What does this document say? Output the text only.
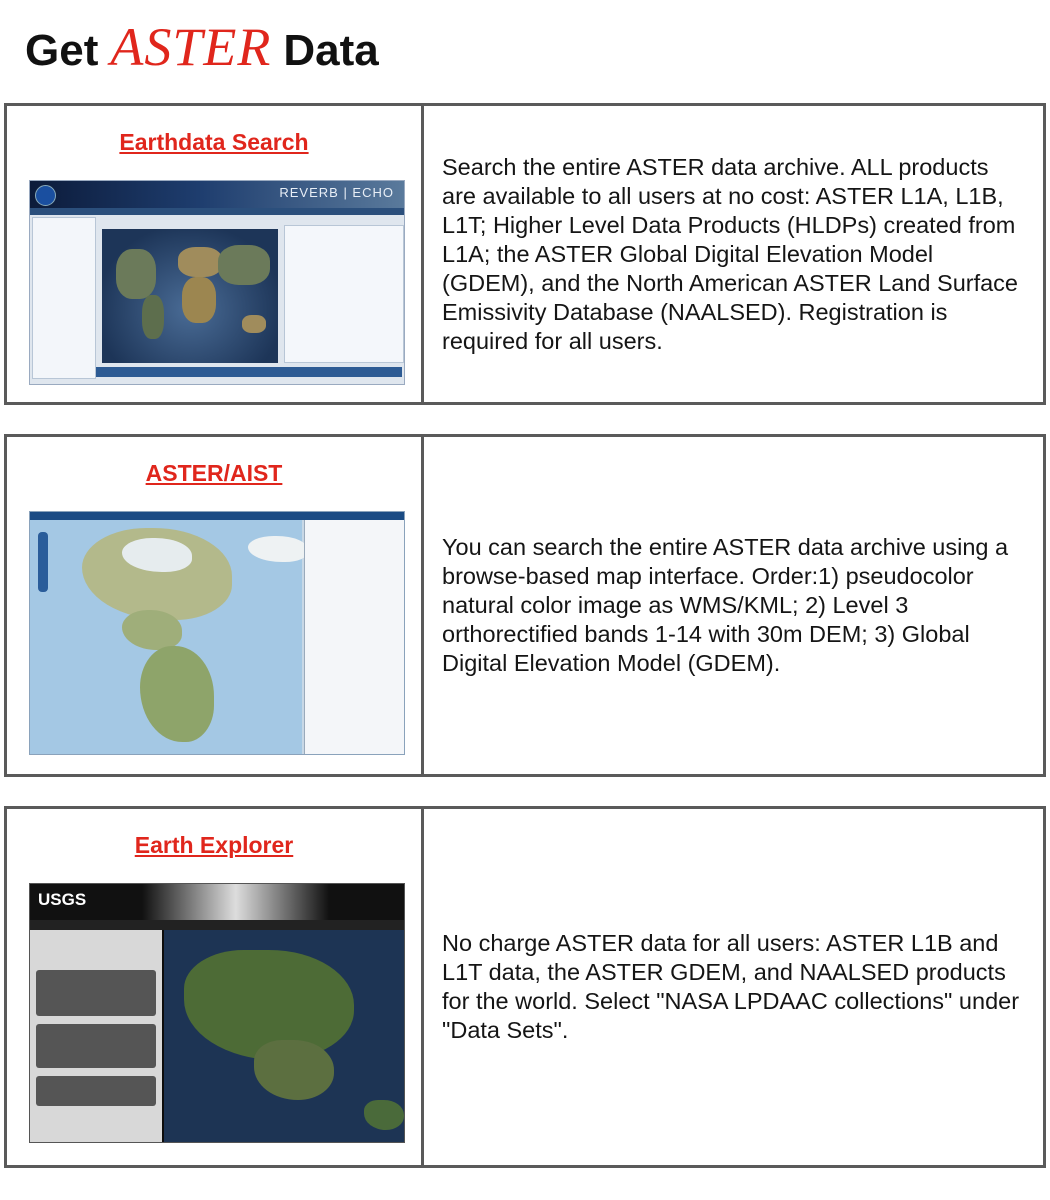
Get ASTER Data
Earthdata Search
REVERB | ECHO
Search the entire ASTER data archive. ALL products are available to all users at no cost: ASTER L1A, L1B, L1T; Higher Level Data Products (HLDPs) created from L1A; the ASTER Global Digital Elevation Model (GDEM), and the North American ASTER Land Surface Emissivity Database (NAALSED). Registration is required for all users.
ASTER/AIST
You can search the entire ASTER data archive using a browse-based map interface. Order:1) pseudocolor natural color image as WMS/KML; 2) Level 3 orthorectified bands 1-14 with 30m DEM; 3) Global Digital Elevation Model (GDEM).
Earth Explorer
USGS
No charge ASTER data for all users: ASTER L1B and L1T data, the ASTER GDEM, and NAALSED products for the world. Select "NASA LPDAAC collections" under "Data Sets".
